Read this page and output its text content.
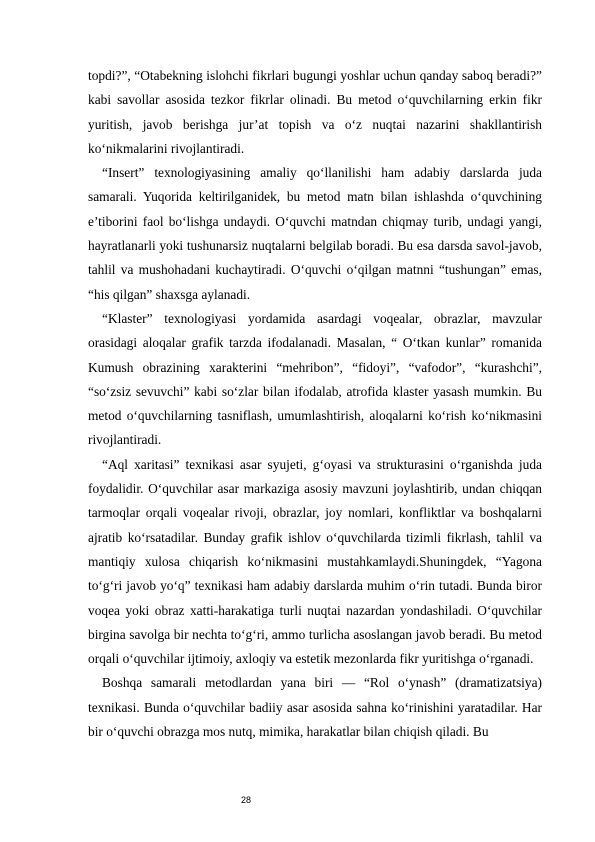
topdi?”, “Otabekning islohchi fikrlari bugungi yoshlar uchun qanday saboq beradi?” kabi savollar asosida tezkor fikrlar olinadi. Bu metod o‘quvchilarning erkin fikr yuritish, javob berishga jur’at topish va o‘z nuqtai nazarini shakllantirish ko‘nikmalarini rivojlantiradi.

“Insert” texnologiyasining amaliy qo‘llanilishi ham adabiy darslarda juda samarali. Yuqorida keltirilganidek, bu metod matn bilan ishlashda o‘quvchining e’tiborini faol bo‘lishga undaydi. O‘quvchi matndan chiqmay turib, undagi yangi, hayratlanarli yoki tushunarsiz nuqtalarni belgilab boradi. Bu esa darsda savol-javob, tahlil va mushohadani kuchaytiradi. O‘quvchi o‘qilgan matnni “tushungan” emas, “his qilgan” shaxsga aylanadi.

“Klaster” texnologiyasi yordamida asardagi voqealar, obrazlar, mavzular orasidagi aloqalar grafik tarzda ifodalanadi. Masalan, “ O‘tkan kunlar” romanida Kumush obrazining xarakterini “mehribon”, “fidoyi”, “vafodor”, “kurashchi”, “so‘zsiz sevuvchi” kabi so‘zlar bilan ifodalab, atrofida klaster yasash mumkin. Bu metod o‘quvchilarning tasniflash, umumlashtirish, aloqalarni ko‘rish ko‘nikmasini rivojlantiradi.

“Aql xaritasi” texnikasi asar syujeti, g‘oyasi va strukturasini o‘rganishda juda foydalidir. O‘quvchilar asar markaziga asosiy mavzuni joylashtirib, undan chiqqan tarmoqlar orqali voqealar rivoji, obrazlar, joy nomlari, konfliktlar va boshqalarni ajratib ko‘rsatadilar. Bunday grafik ishlov o‘quvchilarda tizimli fikrlash, tahlil va mantiqiy xulosa chiqarish ko‘nikmasini mustahkamlaydi.Shuningdek, “Yagona to‘g‘ri javob yo‘q” texnikasi ham adabiy darslarda muhim o‘rin tutadi. Bunda biror voqea yoki obraz xatti-harakatiga turli nuqtai nazardan yondashiladi. O‘quvchilar birgina savolga bir nechta to‘g‘ri, ammo turlicha asoslangan javob beradi. Bu metod orqali o‘quvchilar ijtimoiy, axloqiy va estetik mezonlarda fikr yuritishga o‘rganadi.

Boshqa samarali metodlardan yana biri — “Rol o‘ynash” (dramatizatsiya) texnikasi. Bunda o‘quvchilar badiiy asar asosida sahna ko‘rinishini yaratadilar. Har bir o‘quvchi obrazga mos nutq, mimika, harakatlar bilan chiqish qiladi. Bu

28
